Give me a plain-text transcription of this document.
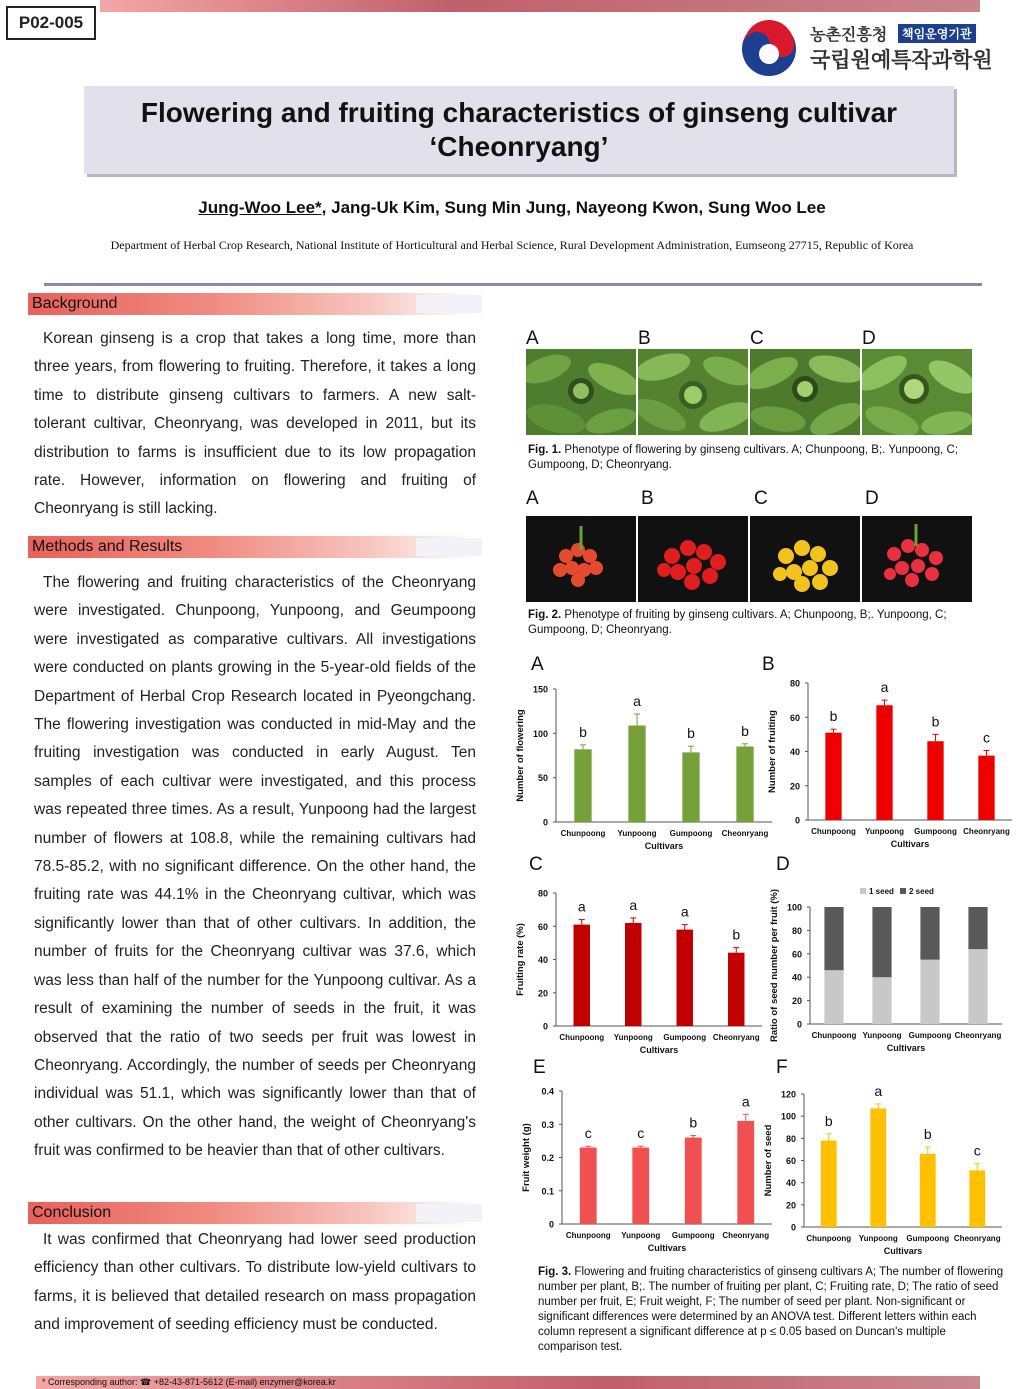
P02-005
농촌진흥청	책임운영기관
국립원예특작과학원
Flowering and fruiting characteristics of ginseng cultivar
‘Cheonryang’
Jung-Woo Lee*, Jang-Uk Kim, Sung Min Jung, Nayeong Kwon, Sung Woo Lee
Department of Herbal Crop Research, National Institute of Horticultural and Herbal Science, Rural Development Administration, Eumseong 27715, Republic of Korea
Background
Korean ginseng is a crop that takes a long time, more than three years, from flowering to fruiting. Therefore, it takes a long time to distribute ginseng cultivars to farmers. A new salt-tolerant cultivar, Cheonryang, was developed in 2011, but its distribution to farms is insufficient due to its low propagation rate. However, information on flowering and fruiting of Cheonryang is still lacking.
Methods and Results
The flowering and fruiting characteristics of the Cheonryang were investigated. Chunpoong, Yunpoong, and Geumpoong were investigated as comparative cultivars. All investigations were conducted on plants growing in the 5-year-old fields of the Department of Herbal Crop Research located in Pyeongchang. The flowering investigation was conducted in mid-May and the fruiting investigation was conducted in early August. Ten samples of each cultivar were investigated, and this process was repeated three times. As a result, Yunpoong had the largest number of flowers at 108.8, while the remaining cultivars had 78.5-85.2, with no significant difference. On the other hand, the fruiting rate was 44.1% in the Cheonryang cultivar, which was significantly lower than that of other cultivars. In addition, the number of fruits for the Cheonryang cultivar was 37.6, which was less than half of the number for the Yunpoong cultivar. As a result of examining the number of seeds in the fruit, it was observed that the ratio of two seeds per fruit was lowest in Cheonryang. Accordingly, the number of seeds per Cheonryang individual was 51.1, which was significantly lower than that of other cultivars. On the other hand, the weight of Cheonryang's fruit was confirmed to be heavier than that of other cultivars.
Conclusion
It was confirmed that Cheonryang had lower seed production efficiency than other cultivars. To distribute low-yield cultivars to farms, it is believed that detailed research on mass propagation and improvement of seeding efficiency must be conducted.
A	B	C	D
Fig. 1. Phenotype of flowering by ginseng cultivars. A; Chunpoong, B;. Yunpoong, C; Gumpoong, D; Cheonryang.
A	B	C	D
Fig. 2. Phenotype of fruiting by ginseng cultivars. A; Chunpoong, B;. Yunpoong, C; Gumpoong, D; Cheonryang.
A
0
50
100
150
Chunpoong
b
Yunpoong
a
Gumpoong
b
Cheonryang
b
Cultivars
Number of flowering
B
0
20
40
60
80
Chunpoong
b
Yunpoong
a
Gumpoong
b
Cheonryang
c
Cultivars
Number of fruiting
C
0
20
40
60
80
Chunpoong
a
Yunpoong
a
Gumpoong
a
Cheonryang
b
Cultivars
Fruiting rate (%)
D
0
20
40
60
80
100
Chunpoong Yunpoong Gumpoong Cheonryang
Cultivars
Ratio of seed number per fruit (%)	1 seed 2 seed
E
0
0.1
0.2
0.3
0.4
Chunpoong
c
Yunpoong
c
Gumpoong
b
Cheonryang
a
Cultivars
Fruit weight (g)
F
0
20
40
60
80
100
120
Chunpoong
b
Yunpoong
a
Gumpoong
b
Cheonryang
c
Cultivars
Number of seed
Fig. 3. Flowering and fruiting characteristics of ginseng cultivars A; The number of flowering number per plant, B;. The number of fruiting per plant, C; Fruiting rate, D; The ratio of seed number per fruit, E; Fruit weight, F; The number of seed per plant. Non-significant or significant differences were determined by an ANOVA test. Different letters within each column represent a significant difference at p ≤ 0.05 based on Duncan's multiple comparison test.
* Corresponding author: ☎ +82-43-871-5612 (E-mail) enzymer@korea.kr
